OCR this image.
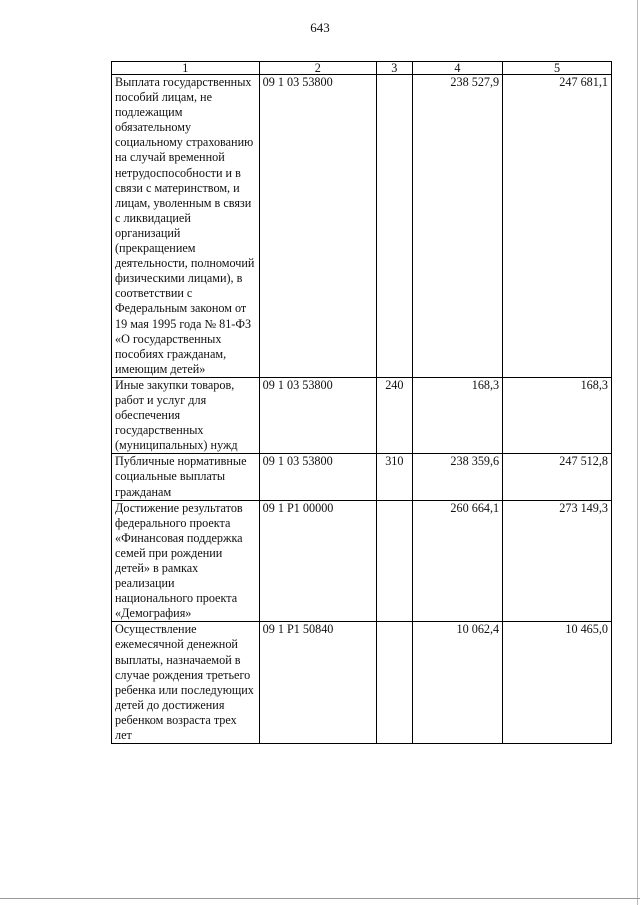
643
1	2	3	4	5
Выплата государственных пособий лицам, не подлежащим обязательному социальному страхованию на случай временной нетрудоспособности и в связи с материнством, и лицам, уволенным в связи с ликвидацией организаций (прекращением деятельности, полномочий физическими лицами), в соответствии с Федеральным законом от 19 мая 1995 года № 81-ФЗ «О государственных пособиях гражданам, имеющим детей»	09 1 03 53800		238 527,9	247 681,1
Иные закупки товаров, работ и услуг для обеспечения государственных (муниципальных) нужд	09 1 03 53800	240	168,3	168,3
Публичные нормативные социальные выплаты гражданам	09 1 03 53800	310	238 359,6	247 512,8
Достижение результатов федерального проекта «Финансовая поддержка семей при рождении детей» в рамках реализации национального проекта «Демография»	09 1 P1 00000		260 664,1	273 149,3
Осуществление ежемесячной денежной выплаты, назначаемой в случае рождения третьего ребенка или последующих детей до достижения ребенком возраста трех лет	09 1 P1 50840		10 062,4	10 465,0
